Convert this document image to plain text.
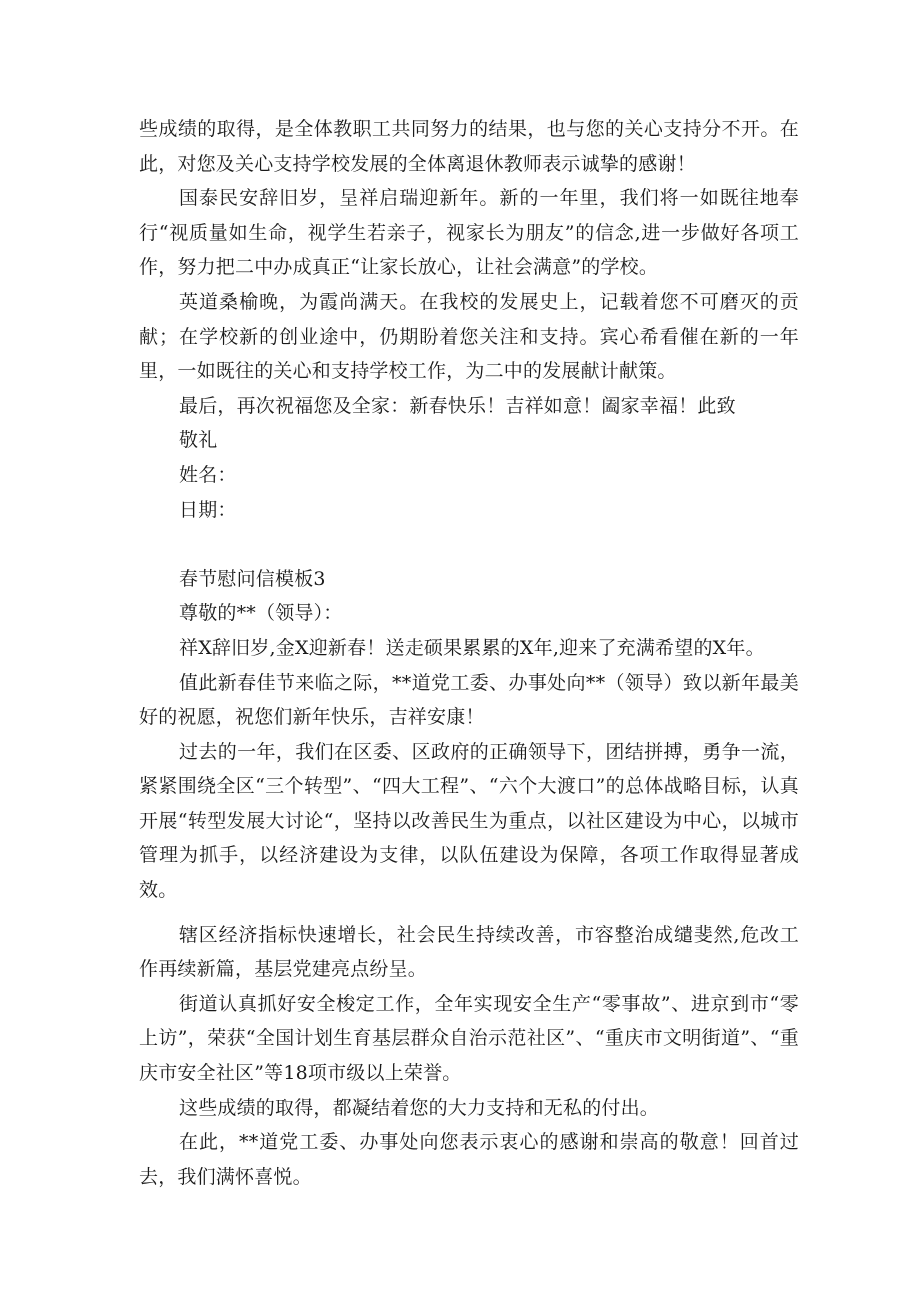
些成绩的取得，是全体教职工共同努力的结果，也与您的关心支持分不开。在此，对您及关心支持学校发展的全体离退休教师表示诚挚的感谢！

国泰民安辞旧岁，呈祥启瑞迎新年。新的一年里，我们将一如既往地奉行“视质量如生命，视学生若亲子，视家长为朋友”的信念,进一步做好各项工作，努力把二中办成真正“让家长放心，让社会满意”的学校。

英道桑榆晚，为霞尚满天。在我校的发展史上，记载着您不可磨灭的贡献；在学校新的创业途中，仍期盼着您关注和支持。宾心希看催在新的一年里，一如既往的关心和支持学校工作，为二中的发展献计献策。

最后，再次祝福您及全家：新春快乐！吉祥如意！阖家幸福！此致

敬礼

姓名：

日期：

春节慰问信模板3

尊敬的**（领导）：

祥X辞旧岁,金X迎新春！送走硕果累累的X年,迎来了充满希望的X年。

值此新春佳节来临之际，**道党工委、办事处向**（领导）致以新年最美好的祝愿，祝您们新年快乐，吉祥安康！

过去的一年，我们在区委、区政府的正确领导下，团结拼搏，勇争一流，紧紧围绕全区“三个转型”、“四大工程”、“六个大渡口”的总体战略目标，认真开展“转型发展大讨论“，坚持以改善民生为重点，以社区建设为中心，以城市管理为抓手，以经济建设为支律，以队伍建设为保障，各项工作取得显著成效。

辖区经济指标快速增长，社会民生持续改善，市容整治成缱斐然,危改工作再续新篇，基层党建亮点纷呈。

街道认真抓好安全梭定工作，全年实现安全生产“零事故”、进京到市“零上访”，荣获“全国计划生育基层群众自治示范社区”、“重庆市文明街道”、“重庆市安全社区”等18项市级以上荣誉。

这些成绩的取得，都凝结着您的大力支持和无私的付出。

在此，**道党工委、办事处向您表示衷心的感谢和崇高的敬意！回首过去，我们满怀喜悦。
